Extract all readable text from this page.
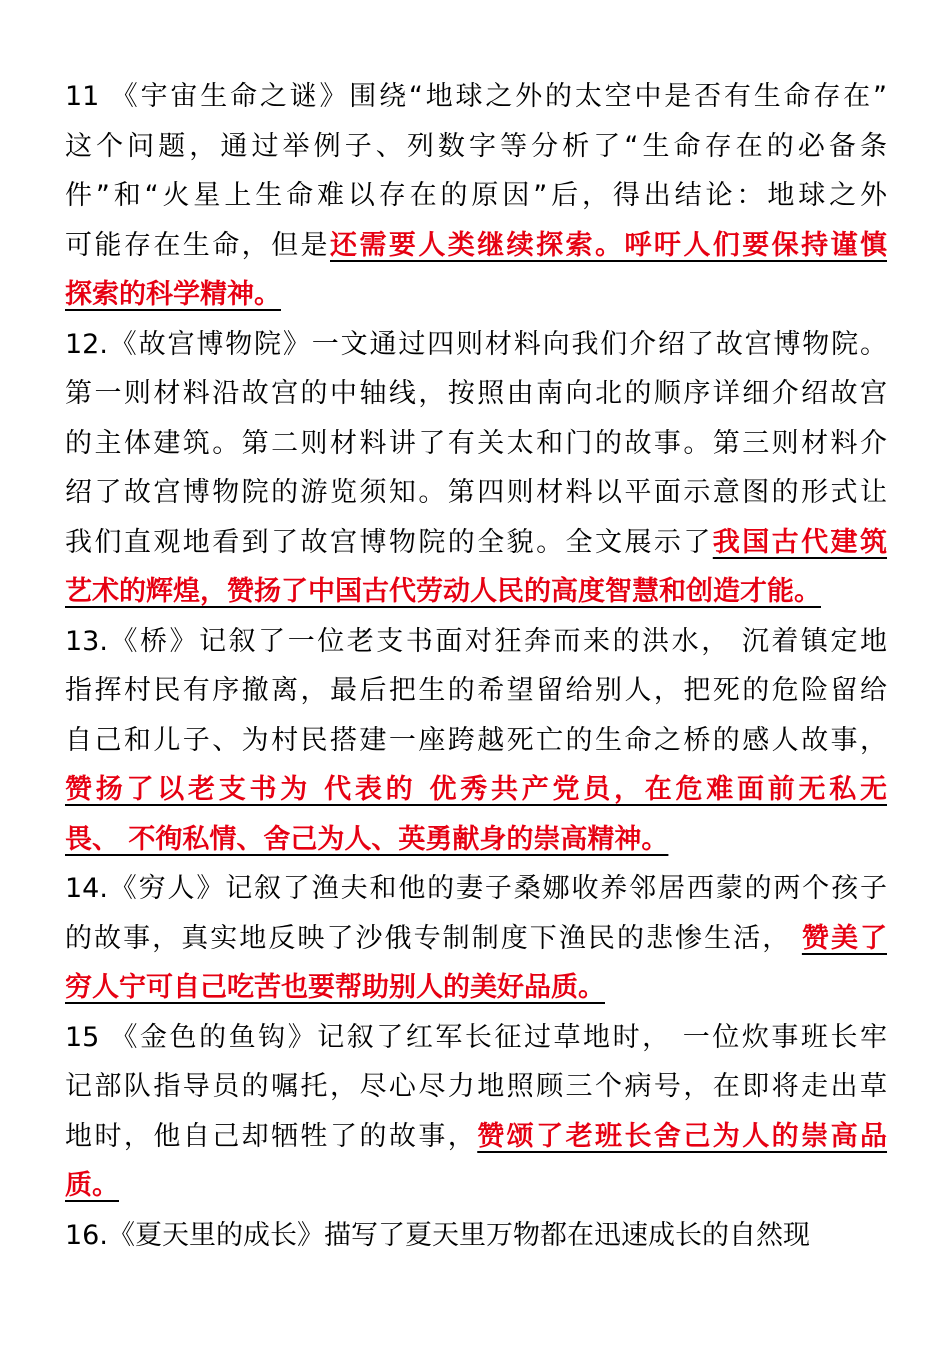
11 《宇宙生命之谜》围绕“地球之外的太空中是否有生命存在”
这个问题，通过举例子、列数字等分析了“生命存在的必备条
件”和“火星上生命难以存在的原因”后，得出结论：地球之外
可能存在生命，但是还需要人类继续探索。呼吁人们要保持谨慎
探索的科学精神。
12.《故宫博物院》一文通过四则材料向我们介绍了故宫博物院。
第一则材料沿故宫的中轴线，按照由南向北的顺序详细介绍故宫
的主体建筑。第二则材料讲了有关太和门的故事。第三则材料介
绍了故宫博物院的游览须知。第四则材料以平面示意图的形式让
我们直观地看到了故宫博物院的全貌。全文展示了我国古代建筑
艺术的辉煌，赞扬了中国古代劳动人民的高度智慧和创造才能。
13.《桥》记叙了一位老支书面对狂奔而来的洪水， 沉着镇定地
指挥村民有序撤离，最后把生的希望留给别人，把死的危险留给
自己和儿子、为村民搭建一座跨越死亡的生命之桥的感人故事，
赞扬了以老支书为 代表的 优秀共产党员，在危难面前无私无
畏、 不徇私情、舍己为人、英勇献身的崇高精神。
14.《穷人》记叙了渔夫和他的妻子桑娜收养邻居西蒙的两个孩子
的故事，真实地反映了沙俄专制制度下渔民的悲惨生活， 赞美了
穷人宁可自己吃苦也要帮助别人的美好品质。
15 《金色的鱼钩》记叙了红军长征过草地时， 一位炊事班长牢
记部队指导员的嘱托，尽心尽力地照顾三个病号，在即将走出草
地时，他自己却牺牲了的故事，赞颂了老班长舍己为人的崇高品
质。
16.《夏天里的成长》描写了夏天里万物都在迅速成长的自然现
